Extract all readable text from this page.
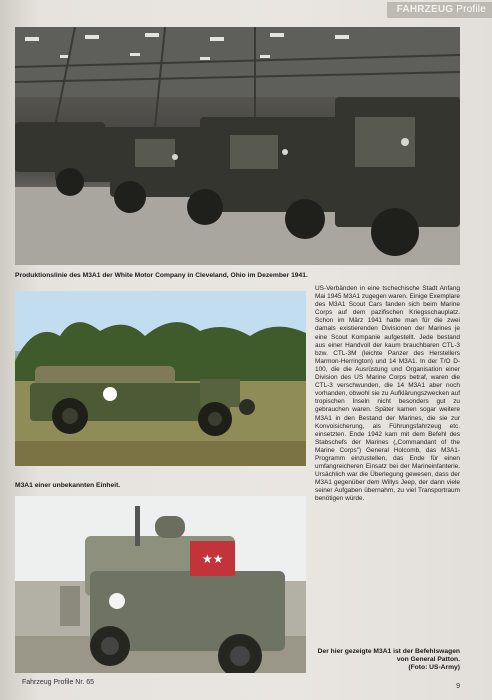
FAHRZEUG Profile
Produktionslinie des M3A1 der White Motor Company in Cleveland, Ohio im Dezember 1941.
M3A1 einer unbekannten Einheit.
★★
US-Verbänden in eine tschechische Stadt Anfang Mai 1945 M3A1 zugegen waren. Einige Exemplare des M3A1 Scout Cars fanden sich beim Marine Corps auf dem pazifischen Kriegsschauplatz. Schon im März 1941 hatte man für die zwei damals existierenden Divisionen der Marines je eine Scout Kompanie aufgestellt. Jede bestand aus einer Handvoll der kaum brauchbaren CTL-3 bzw. CTL-3M (leichte Panzer des Herstellers Marmon-Herrington) und 14 M3A1. In der T/O D-100, die die Ausrüstung und Organisation einer Division des US Marine Corps betraf, waren die CTL-3 verschwunden, die 14 M3A1 aber noch vorhanden, obwohl sie zu Aufklärungszwecken auf tropischen Inseln nicht besonders gut zu gebrauchen waren. Später kamen sogar weitere M3A1 in den Bestand der Marines, die sie zur Konvoisicherung, als Führungsfahrzeug etc. einsetzten. Ende 1942 kam mit dem Befehl des Stabschefs der Marines („Commandant of the Marine Corps") General Holcomb, das M3A1-Programm einzustellen, das Ende für einen umfangreicheren Einsatz bei der Marineinfanterie. Ursächlich war die Überlegung gewesen, dass der M3A1 gegenüber dem Willys Jeep, der dann viele seiner Aufgaben übernahm, zu viel Transportraum benötigen würde.
Der hier gezeigte M3A1 ist der Befehlswagen von General Patton.
(Foto: US-Army)
Fahrzeug Profile Nr. 65
9
